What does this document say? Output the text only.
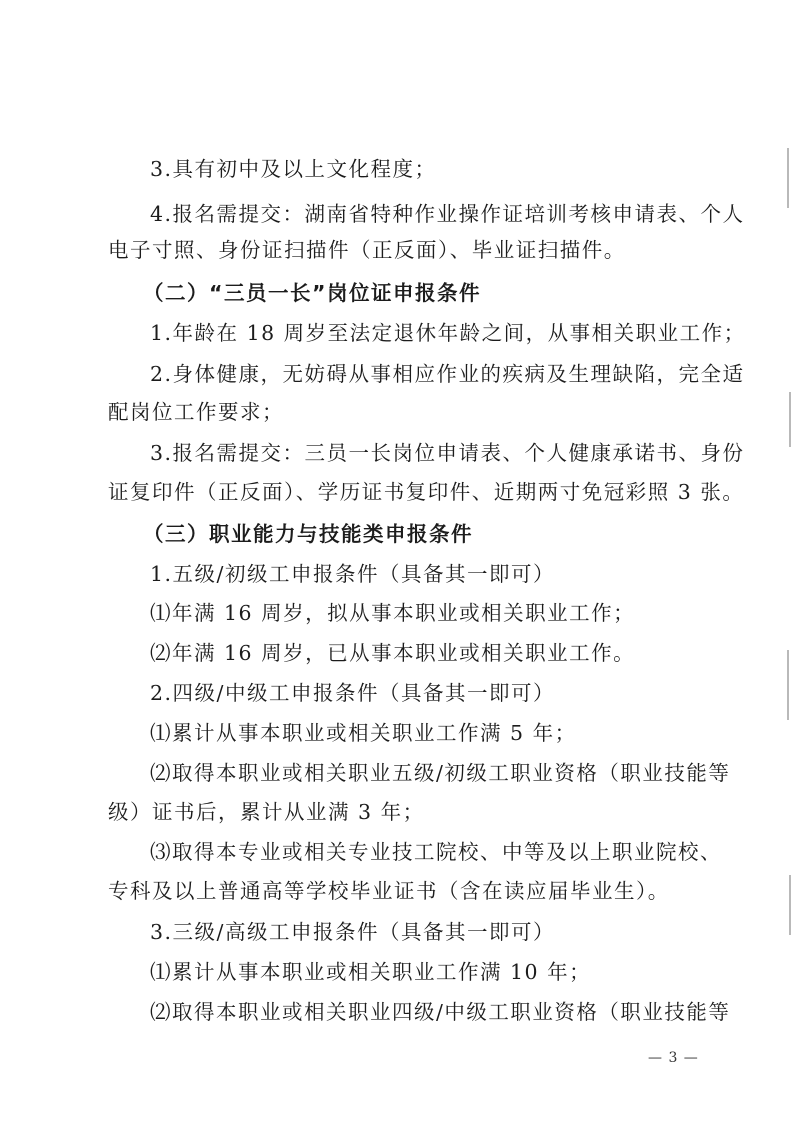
3.具有初中及以上文化程度；
4.报名需提交：湖南省特种作业操作证培训考核申请表、个人
电子寸照、身份证扫描件（正反面）、毕业证扫描件。
（二）“三员一长”岗位证申报条件
1.年龄在 18 周岁至法定退休年龄之间，从事相关职业工作；
2.身体健康，无妨碍从事相应作业的疾病及生理缺陷，完全适
配岗位工作要求；
3.报名需提交：三员一长岗位申请表、个人健康承诺书、身份
证复印件（正反面）、学历证书复印件、近期两寸免冠彩照 3 张。
（三）职业能力与技能类申报条件
1.五级/初级工申报条件（具备其一即可）
⑴年满 16 周岁，拟从事本职业或相关职业工作；
⑵年满 16 周岁，已从事本职业或相关职业工作。
2.四级/中级工申报条件（具备其一即可）
⑴累计从事本职业或相关职业工作满 5 年；
⑵取得本职业或相关职业五级/初级工职业资格（职业技能等
级）证书后，累计从业满 3 年；
⑶取得本专业或相关专业技工院校、中等及以上职业院校、
专科及以上普通高等学校毕业证书（含在读应届毕业生）。
3.三级/高级工申报条件（具备其一即可）
⑴累计从事本职业或相关职业工作满 10 年；
⑵取得本职业或相关职业四级/中级工职业资格（职业技能等
— 3 —
